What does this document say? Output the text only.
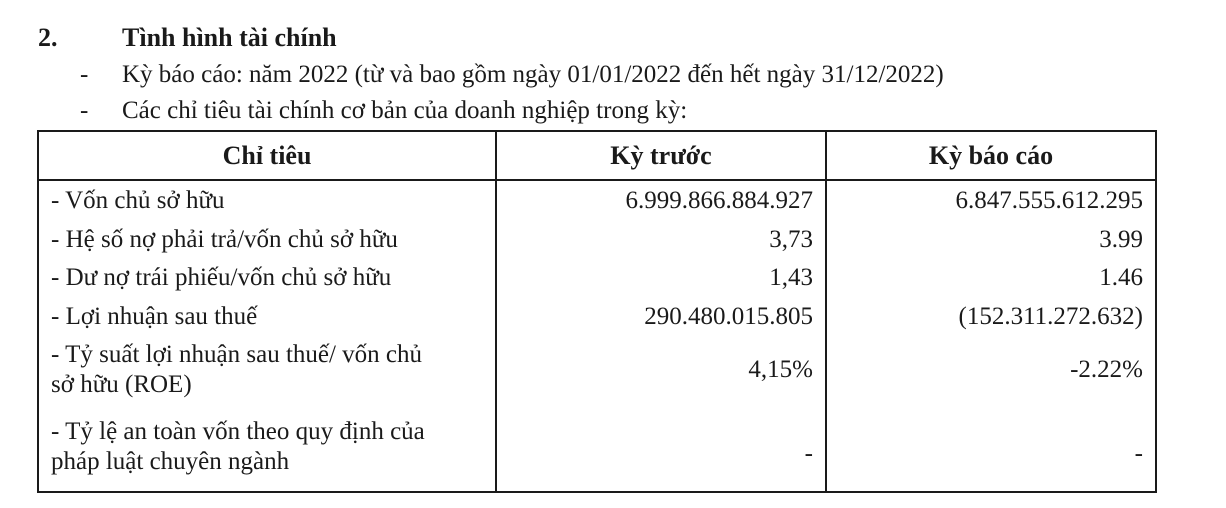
2. Tình hình tài chính
- Kỳ báo cáo: năm 2022 (từ và bao gồm ngày 01/01/2022 đến hết ngày 31/12/2022)
- Các chỉ tiêu tài chính cơ bản của doanh nghiệp trong kỳ:
Chỉ tiêu	Kỳ trước	Kỳ báo cáo
- Vốn chủ sở hữu	6.999.866.884.927	6.847.555.612.295
- Hệ số nợ phải trả/vốn chủ sở hữu	3,73	3.99
- Dư nợ trái phiếu/vốn chủ sở hữu	1,43	1.46
- Lợi nhuận sau thuế	290.480.015.805	(152.311.272.632)

- Tỷ suất lợi nhuận sau thuế/ vốn chủ
sở hữu (ROE)	4,15%	-2.22%

- Tỷ lệ an toàn vốn theo quy định của
pháp luật chuyên ngành	-	-
